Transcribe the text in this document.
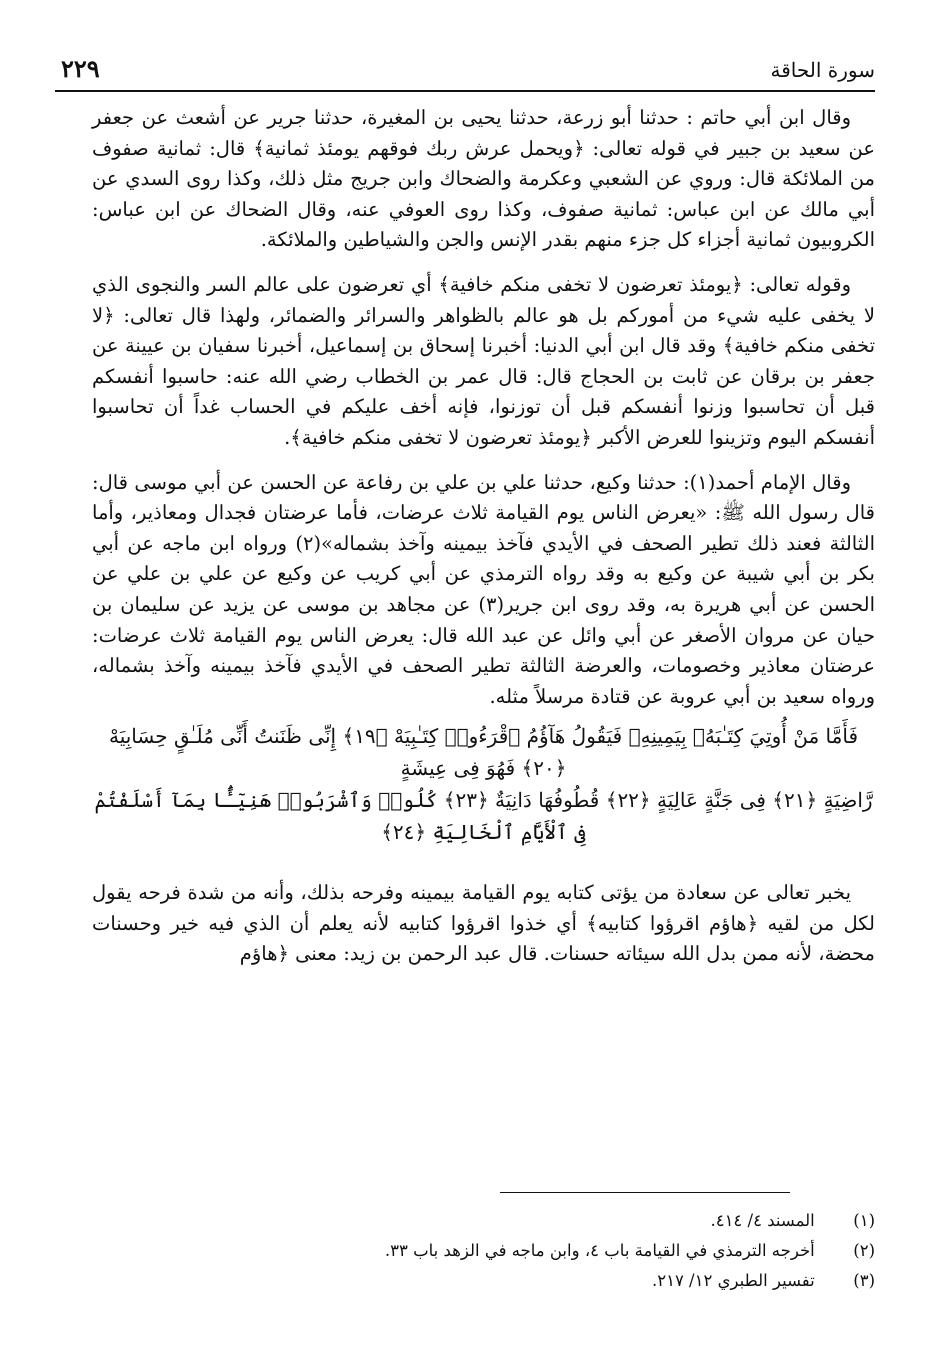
سورة الحاقة
٢٢٩

وقال ابن أبي حاتم : حدثنا أبو زرعة، حدثنا يحيى بن المغيرة، حدثنا جرير عن أشعث عن جعفر عن سعيد بن جبير في قوله تعالى: ﴿ويحمل عرش ربك فوقهم يومئذ ثمانية﴾ قال: ثمانية صفوف من الملائكة قال: وروي عن الشعبي وعكرمة والضحاك وابن جريج مثل ذلك، وكذا روى السدي عن أبي مالك عن ابن عباس: ثمانية صفوف، وكذا روى العوفي عنه، وقال الضحاك عن ابن عباس: الكروبيون ثمانية أجزاء كل جزء منهم بقدر الإنس والجن والشياطين والملائكة.

وقوله تعالى: ﴿يومئذ تعرضون لا تخفى منكم خافية﴾ أي تعرضون على عالم السر والنجوى الذي لا يخفى عليه شيء من أموركم بل هو عالم بالظواهر والسرائر والضمائر، ولهذا قال تعالى: ﴿لا تخفى منكم خافية﴾ وقد قال ابن أبي الدنيا: أخبرنا إسحاق بن إسماعيل، أخبرنا سفيان بن عيينة عن جعفر بن برقان عن ثابت بن الحجاج قال: قال عمر بن الخطاب رضي الله عنه: حاسبوا أنفسكم قبل أن تحاسبوا وزنوا أنفسكم قبل أن توزنوا، فإنه أخف عليكم في الحساب غداً أن تحاسبوا أنفسكم اليوم وتزينوا للعرض الأكبر ﴿يومئذ تعرضون لا تخفى منكم خافية﴾.

وقال الإمام أحمد(١): حدثنا وكيع، حدثنا علي بن علي بن رفاعة عن الحسن عن أبي موسى قال: قال رسول الله ﷺ: «يعرض الناس يوم القيامة ثلاث عرضات، فأما عرضتان فجدال ومعاذير، وأما الثالثة فعند ذلك تطير الصحف في الأيدي فآخذ بيمينه وآخذ بشماله»(٢) ورواه ابن ماجه عن أبي بكر بن أبي شيبة عن وكيع به وقد رواه الترمذي عن أبي كريب عن وكيع عن علي بن علي عن الحسن عن أبي هريرة به، وقد روى ابن جرير(٣) عن مجاهد بن موسى عن يزيد عن سليمان بن حيان عن مروان الأصغر عن أبي وائل عن عبد الله قال: يعرض الناس يوم القيامة ثلاث عرضات: عرضتان معاذير وخصومات، والعرضة الثالثة تطير الصحف في الأيدي فآخذ بيمينه وآخذ بشماله، ورواه سعيد بن أبي عروبة عن قتادة مرسلاً مثله.

فَأَمَّا مَنْ أُوتِيَ كِتَـٰبَهُۥ بِيَمِينِهِۦ فَيَقُولُ هَآؤُمُ ٱقْرَءُوا۟ كِتَـٰبِيَهْ ﴿١٩﴾ إِنِّى ظَنَنتُ أَنِّى مُلَـٰقٍ حِسَابِيَهْ ﴿٢٠﴾ فَهُوَ فِى عِيشَةٍ
رَّاضِيَةٍ ﴿٢١﴾ فِى جَنَّةٍ عَالِيَةٍ ﴿٢٢﴾ قُطُوفُهَا دَانِيَةٌ ﴿٢٣﴾ كُلُوا۟ وَٱشْرَبُوا۟ هَنِيٓـًٔۢا بِمَآ أَسْلَفْتُمْ فِى ٱلْأَيَّامِ ٱلْخَالِيَةِ ﴿٢٤﴾

يخبر تعالى عن سعادة من يؤتى كتابه يوم القيامة بيمينه وفرحه بذلك، وأنه من شدة فرحه يقول لكل من لقيه ﴿هاؤم اقرؤوا كتابيه﴾ أي خذوا اقرؤوا كتابيه لأنه يعلم أن الذي فيه خير وحسنات محضة، لأنه ممن بدل الله سيئاته حسنات. قال عبد الرحمن بن زيد: معنى ﴿هاؤم

(١) المسند ٤/ ٤١٤.
(٢) أخرجه الترمذي في القيامة باب ٤، وابن ماجه في الزهد باب ٣٣.
(٣) تفسير الطبري ١٢/ ٢١٧.
